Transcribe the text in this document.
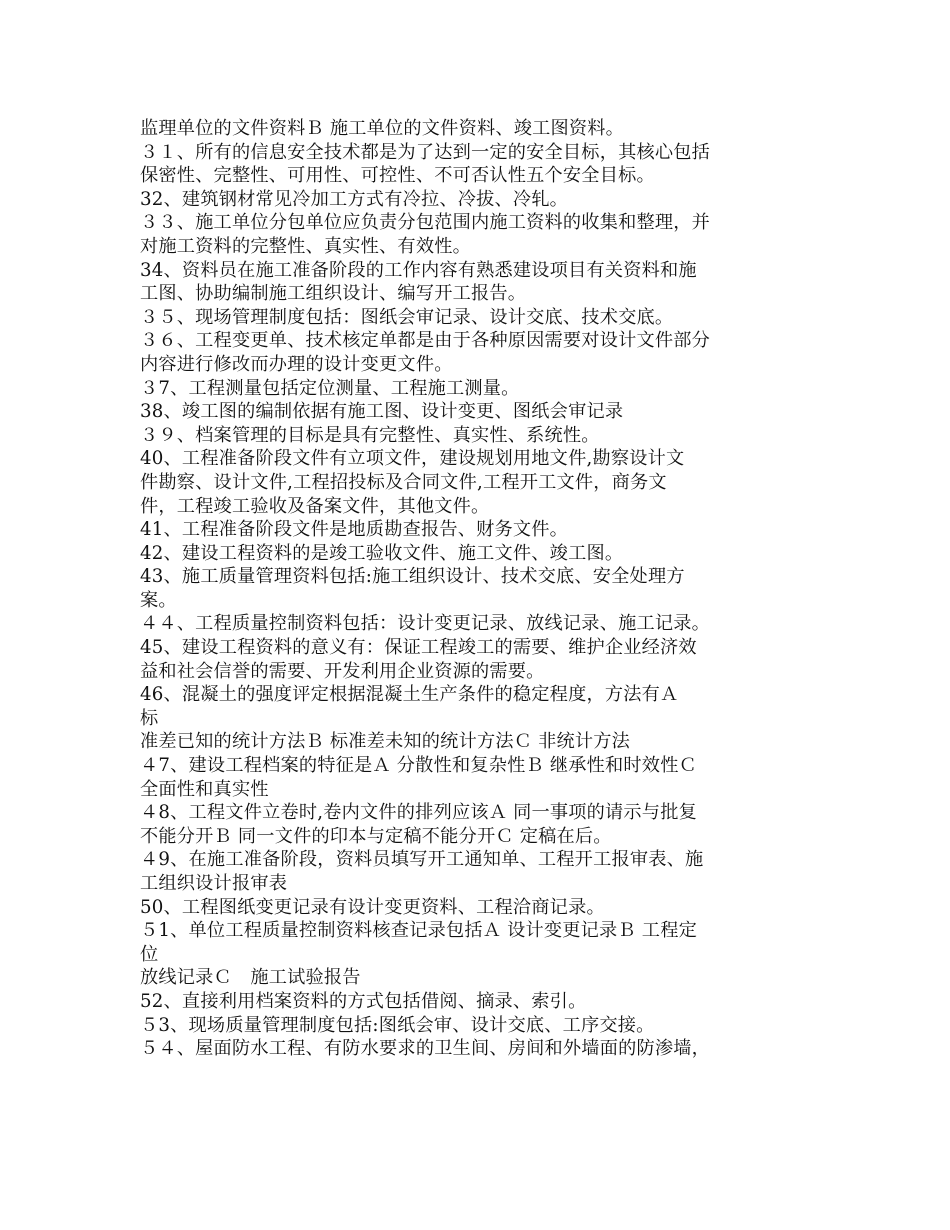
监理单位的文件资料Ｂ 施工单位的文件资料、竣工图资料。
３１、所有的信息安全技术都是为了达到一定的安全目标，其核心包括
保密性、完整性、可用性、可控性、不可否认性五个安全目标。
32、建筑钢材常见冷加工方式有冷拉、冷拔、冷轧。
３３、施工单位分包单位应负责分包范围内施工资料的收集和整理，并
对施工资料的完整性、真实性、有效性。
34、资料员在施工准备阶段的工作内容有熟悉建设项目有关资料和施
工图、协助编制施工组织设计、编写开工报告。
３５、现场管理制度包括：图纸会审记录、设计交底、技术交底。
３６、工程变更单、技术核定单都是由于各种原因需要对设计文件部分
内容进行修改而办理的设计变更文件。
３7、工程测量包括定位测量、工程施工测量。
38、竣工图的编制依据有施工图、设计变更、图纸会审记录
３９、档案管理的目标是具有完整性、真实性、系统性。
40、工程准备阶段文件有立项文件，建设规划用地文件,勘察设计文
件勘察、设计文件,工程招投标及合同文件,工程开工文件，商务文
件，工程竣工验收及备案文件，其他文件。
41、工程准备阶段文件是地质勘查报告、财务文件。
42、建设工程资料的是竣工验收文件、施工文件、竣工图。
43、施工质量管理资料包括:施工组织设计、技术交底、安全处理方
案。
４４、工程质量控制资料包括：设计变更记录、放线记录、施工记录。
45、建设工程资料的意义有：保证工程竣工的需要、维护企业经济效
益和社会信誉的需要、开发利用企业资源的需要。
46、混凝土的强度评定根据混凝土生产条件的稳定程度，方法有Ａ
标
准差已知的统计方法Ｂ 标准差未知的统计方法Ｃ 非统计方法
４7、建设工程档案的特征是Ａ 分散性和复杂性Ｂ 继承性和时效性Ｃ
全面性和真实性
４8、工程文件立卷时,卷内文件的排列应该Ａ 同一事项的请示与批复
不能分开Ｂ 同一文件的印本与定稿不能分开Ｃ 定稿在后。
４9、在施工准备阶段，资料员填写开工通知单、工程开工报审表、施
工组织设计报审表
50、工程图纸变更记录有设计变更资料、工程洽商记录。
５1、单位工程质量控制资料核查记录包括Ａ 设计变更记录Ｂ 工程定
位
放线记录Ｃ　施工试验报告
52、直接利用档案资料的方式包括借阅、摘录、索引。
５3、现场质量管理制度包括:图纸会审、设计交底、工序交接。
５４、屋面防水工程、有防水要求的卫生间、房间和外墙面的防渗墙，
